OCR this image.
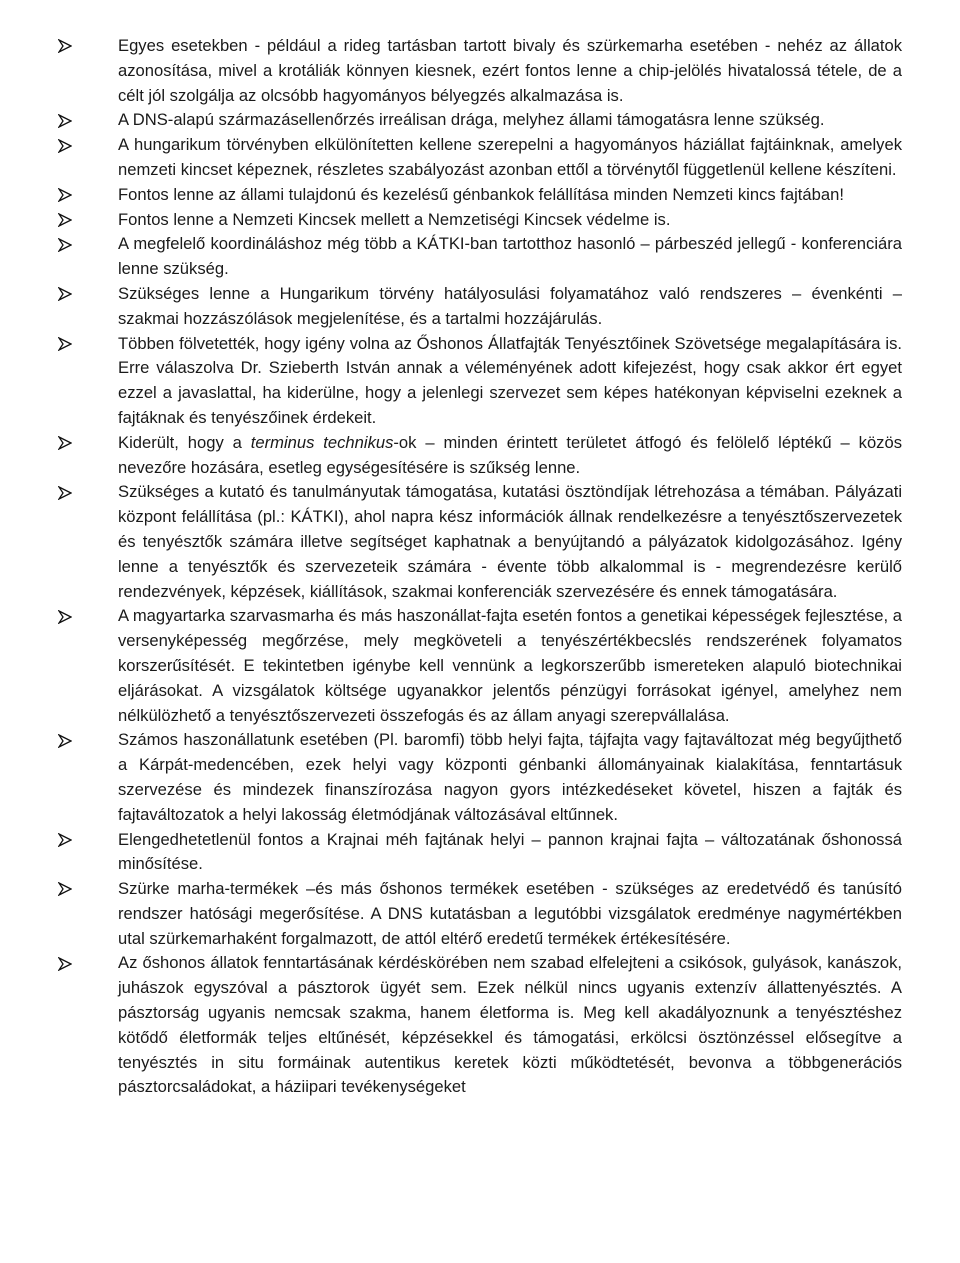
Egyes esetekben - például a rideg tartásban tartott bivaly és szürkemarha esetében - nehéz az állatok azonosítása, mivel a krotáliák könnyen kiesnek, ezért fontos lenne a chip-jelölés hivatalossá tétele, de a célt jól szolgálja az olcsóbb hagyományos bélyegzés alkalmazása is.
A DNS-alapú származásellenőrzés irreálisan drága, melyhez állami támogatásra lenne szükség.
A hungarikum törvényben elkülönítetten kellene szerepelni a hagyományos háziállat fajtáinknak, amelyek nemzeti kincset képeznek, részletes szabályozást azonban ettől a törvénytől függetlenül kellene készíteni.
Fontos lenne az állami tulajdonú és kezelésű génbankok felállítása minden Nemzeti kincs fajtában!
Fontos lenne a Nemzeti Kincsek mellett a Nemzetiségi Kincsek védelme is.
A megfelelő koordináláshoz még több a KÁTKI-ban tartotthoz hasonló – párbeszéd jellegű - konferenciára lenne szükség.
Szükséges lenne a Hungarikum törvény hatályosulási folyamatához való rendszeres – évenkénti – szakmai hozzászólások megjelenítése, és a tartalmi hozzájárulás.
Többen fölvetették, hogy igény volna az Őshonos Állatfajták Tenyésztőinek Szövetsége megalapítására is. Erre válaszolva Dr. Szieberth István annak a véleményének adott kifejezést, hogy csak akkor ért egyet ezzel a javaslattal, ha kiderülne, hogy a jelenlegi szervezet sem képes hatékonyan képviselni ezeknek a fajtáknak és tenyészőinek érdekeit.
Kiderült, hogy a terminus technikus-ok – minden érintett területet átfogó és felölelő léptékű – közös nevezőre hozására, esetleg egységesítésére is szűkség lenne.
Szükséges a kutató és tanulmányutak támogatása, kutatási ösztöndíjak létrehozása a témában. Pályázati központ felállítása (pl.: KÁTKI), ahol napra kész információk állnak rendelkezésre a tenyésztőszervezetek és tenyésztők számára illetve segítséget kaphatnak a benyújtandó a pályázatok kidolgozásához. Igény lenne a tenyésztők és szervezeteik számára - évente több alkalommal is - megrendezésre kerülő rendezvények, képzések, kiállítások, szakmai konferenciák szervezésére és ennek támogatására.
A magyartarka szarvasmarha és más haszonállat-fajta esetén fontos a genetikai képességek fejlesztése, a versenyképesség megőrzése, mely megköveteli a tenyészértékbecslés rendszerének folyamatos korszerűsítését. E tekintetben igénybe kell vennünk a legkorszerűbb ismereteken alapuló biotechnikai eljárásokat. A vizsgálatok költsége ugyanakkor jelentős pénzügyi forrásokat igényel, amelyhez nem nélkülözhető a tenyésztőszervezeti összefogás és az állam anyagi szerepvállalása.
Számos haszonállatunk esetében (Pl. baromfi) több helyi fajta, tájfajta vagy fajtaváltozat még begyűjthető a Kárpát-medencében, ezek helyi vagy központi génbanki állományainak kialakítása, fenntartásuk szervezése és mindezek finanszírozása nagyon gyors intézkedéseket követel, hiszen a fajták és fajtaváltozatok a helyi lakosság életmódjának változásával eltűnnek.
Elengedhetetlenül fontos a Krajnai méh fajtának helyi – pannon krajnai fajta – változatának őshonossá minősítése.
Szürke marha-termékek –és más őshonos termékek esetében - szükséges az eredetvédő és tanúsító rendszer hatósági megerősítése. A DNS kutatásban a legutóbbi vizsgálatok eredménye nagymértékben utal szürkemarhaként forgalmazott, de attól eltérő eredetű termékek értékesítésére.
Az őshonos állatok fenntartásának kérdéskörében nem szabad elfelejteni a csikósok, gulyások, kanászok, juhászok egyszóval a pásztorok ügyét sem. Ezek nélkül nincs ugyanis extenzív állattenyésztés. A pásztorság ugyanis nemcsak szakma, hanem életforma is. Meg kell akadályoznunk a tenyésztéshez kötődő életformák teljes eltűnését, képzésekkel és támogatási, erkölcsi ösztönzéssel elősegítve a tenyésztés in situ formáinak autentikus keretek közti működtetését, bevonva a többgenerációs pásztorcsaládokat, a háziipari tevékenységeket
